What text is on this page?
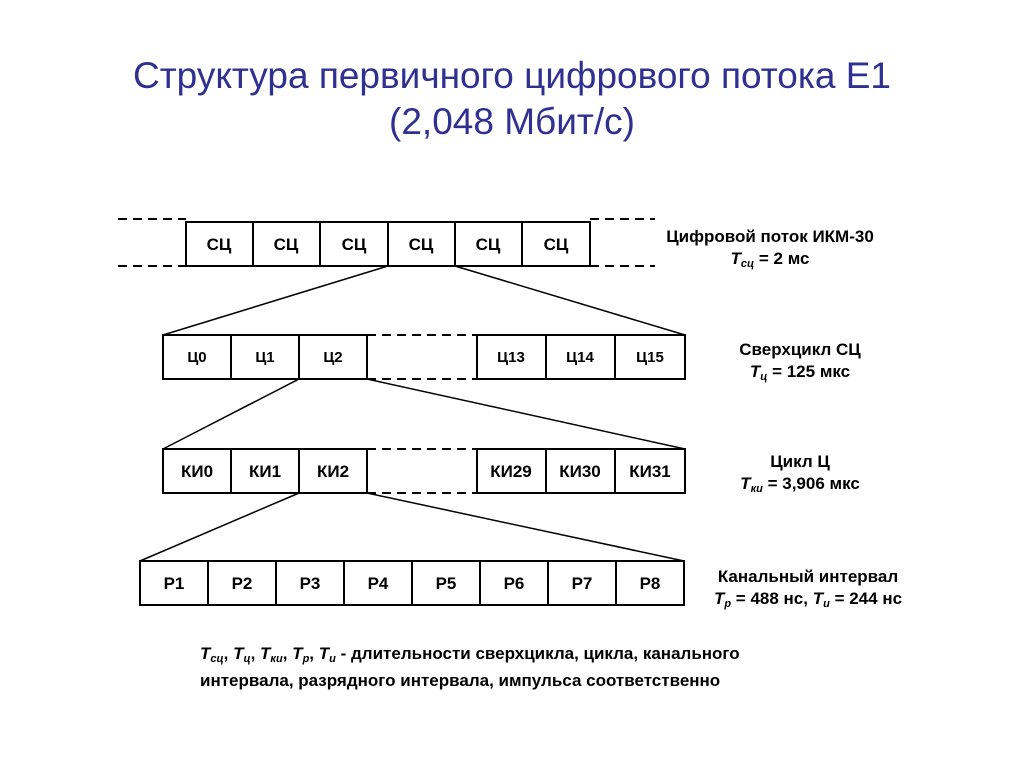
Структура первичного цифрового потока Е1
(2,048 Мбит/с)
СЦ СЦ	СЦ СЦ СЦ	СЦ
Ц0	Ц1	Ц2	Ц13	Ц14	Ц15
КИ0 КИ1 КИ2	КИ29 КИ30 КИ31
Р1	Р2	Р3	Р4	Р5	Р6	Р7	Р8
Цифровой поток ИКМ-30
$Т_{сц} = 2$ мс
Сверхцикл СЦ
$Т_ц = 125$ мкс
Цикл Ц
$Т_{ки} = 3,906$ мкс
Канальный интервал
$Т_р = 488$ нс, $Т_и = 244$ нс
$Т_{сц}$, $Т_ц$, $Т_{ки}$, $Т_р$, $Т_и$ - длительности сверхцикла, цикла, канального
интервала, разрядного интервала, импульса соответственно
